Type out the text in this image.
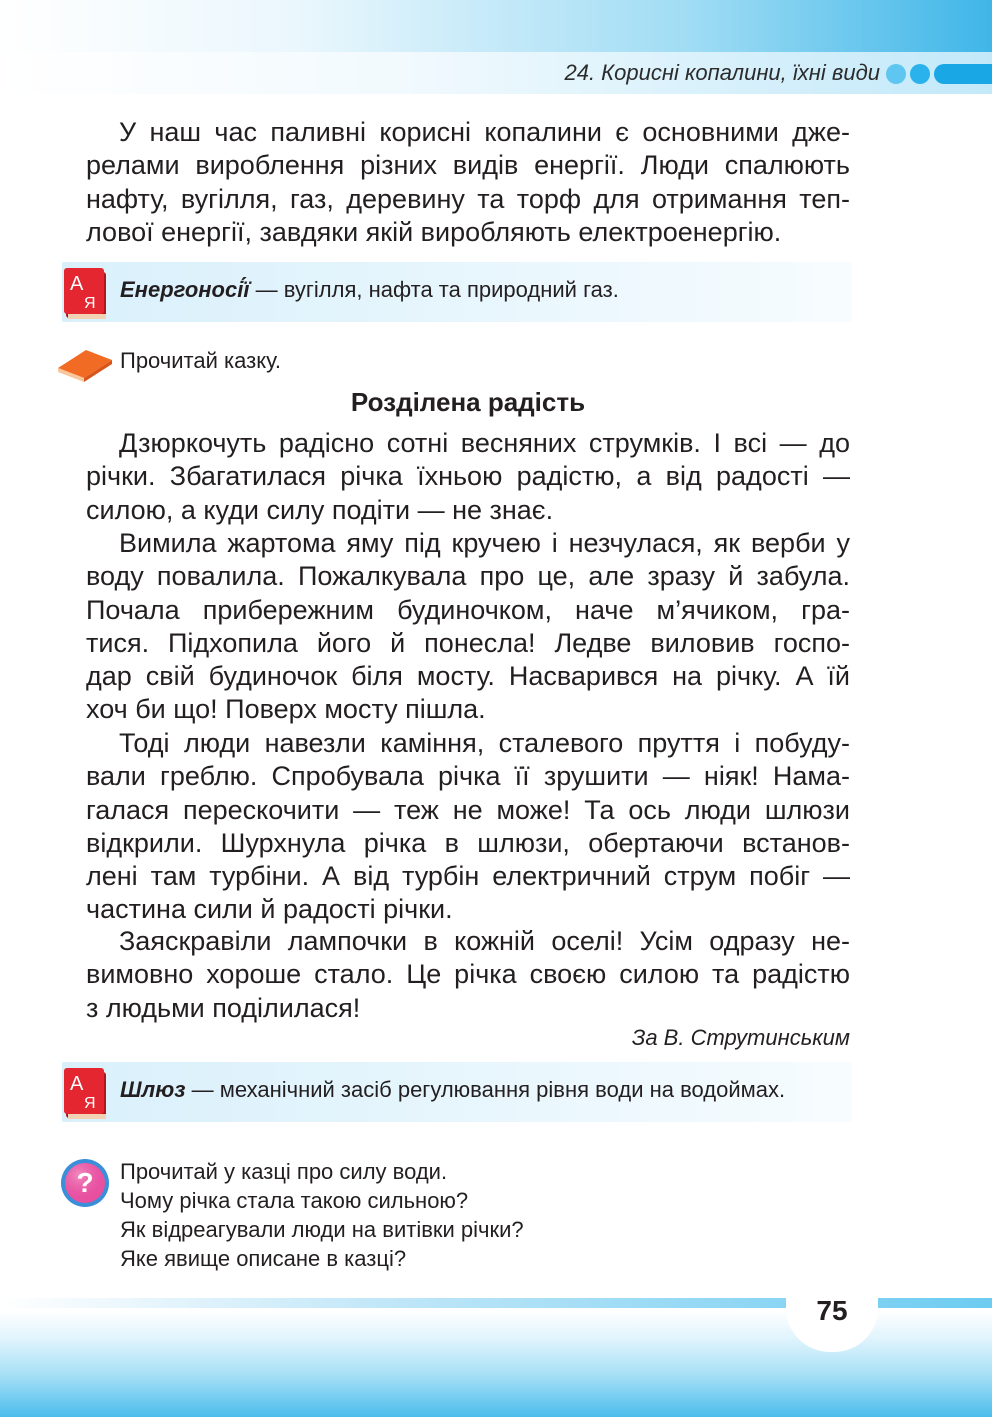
24. Корисні копалини, їхні види

У наш час паливні корисні копалини є основними дже-
релами вироблення різних видів енергії. Люди спалюють
нафту, вугілля, газ, деревину та торф для отримання теп-
лової енергії, завдяки якій виробляють електроенергію.

А
Я
Енергоносі́ї — вугілля, нафта та природний газ.
Прочитай казку.
Розділена радість

Дзюркочуть радісно сотні весняних струмків. І всі — до
річки. Збагатилася річка їхньою радістю, а від радості —
силою, а куди силу подіти — не знає.

Вимила жартома яму під кручею і незчулася, як верби у
воду повалила. Пожалкувала про це, але зразу й забула.
Почала прибережним будиночком, наче м’ячиком, гра-
тися. Підхопила його й понесла! Ледве виловив госпо-
дар свій будиночок біля мосту. Насварився на річку. А їй
хоч би що! Поверх мосту пішла.

Тоді люди навезли каміння, сталевого пруття і побуду-
вали греблю. Спробувала річка її зрушити — ніяк! Нама-
галася перескочити — теж не може! Та ось люди шлюзи
відкрили. Шурхнула річка в шлюзи, обертаючи встанов-
лені там турбіни. А від турбін електричний струм побіг —
частина сили й радості річки.

Заяскравіли лампочки в кожній оселі! Усім одразу не-
вимовно хороше стало. Це річка своєю силою та радістю
з людьми поділилася!

За В. Струтинським
А
Я
Шлюз — механічний засіб регулювання рівня води на водоймах.
? Прочитай у казці про силу води.
Чому річка стала такою сильною?
Як відреагували люди на витівки річки?
Яке явище описане в казці?
75
